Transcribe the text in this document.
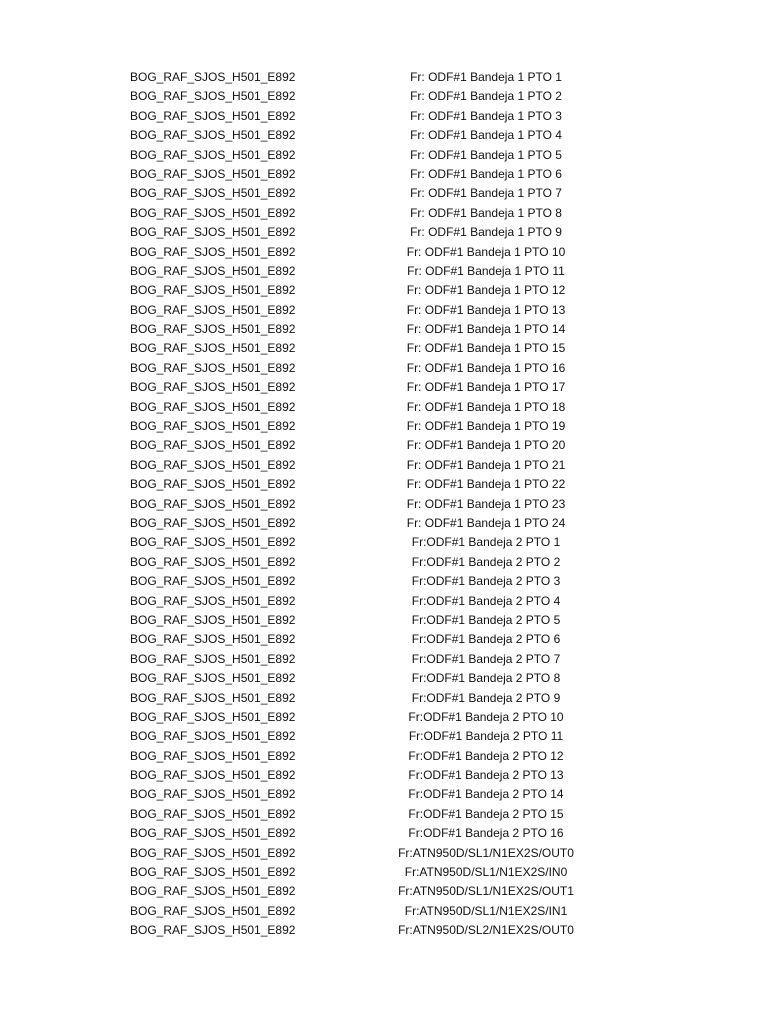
BOG_RAF_SJOS_H501_E892	Fr: ODF#1 Bandeja 1 PTO 1
BOG_RAF_SJOS_H501_E892	Fr: ODF#1 Bandeja 1 PTO 2
BOG_RAF_SJOS_H501_E892	Fr: ODF#1 Bandeja 1 PTO 3
BOG_RAF_SJOS_H501_E892	Fr: ODF#1 Bandeja 1 PTO 4
BOG_RAF_SJOS_H501_E892	Fr: ODF#1 Bandeja 1 PTO 5
BOG_RAF_SJOS_H501_E892	Fr: ODF#1 Bandeja 1 PTO 6
BOG_RAF_SJOS_H501_E892	Fr: ODF#1 Bandeja 1 PTO 7
BOG_RAF_SJOS_H501_E892	Fr: ODF#1 Bandeja 1 PTO 8
BOG_RAF_SJOS_H501_E892	Fr: ODF#1 Bandeja 1 PTO 9
BOG_RAF_SJOS_H501_E892	Fr: ODF#1 Bandeja 1 PTO 10
BOG_RAF_SJOS_H501_E892	Fr: ODF#1 Bandeja 1 PTO 11
BOG_RAF_SJOS_H501_E892	Fr: ODF#1 Bandeja 1 PTO 12
BOG_RAF_SJOS_H501_E892	Fr: ODF#1 Bandeja 1 PTO 13
BOG_RAF_SJOS_H501_E892	Fr: ODF#1 Bandeja 1 PTO 14
BOG_RAF_SJOS_H501_E892	Fr: ODF#1 Bandeja 1 PTO 15
BOG_RAF_SJOS_H501_E892	Fr: ODF#1 Bandeja 1 PTO 16
BOG_RAF_SJOS_H501_E892	Fr: ODF#1 Bandeja 1 PTO 17
BOG_RAF_SJOS_H501_E892	Fr: ODF#1 Bandeja 1 PTO 18
BOG_RAF_SJOS_H501_E892	Fr: ODF#1 Bandeja 1 PTO 19
BOG_RAF_SJOS_H501_E892	Fr: ODF#1 Bandeja 1 PTO 20
BOG_RAF_SJOS_H501_E892	Fr: ODF#1 Bandeja 1 PTO 21
BOG_RAF_SJOS_H501_E892	Fr: ODF#1 Bandeja 1 PTO 22
BOG_RAF_SJOS_H501_E892	Fr: ODF#1 Bandeja 1 PTO 23
BOG_RAF_SJOS_H501_E892	Fr: ODF#1 Bandeja 1 PTO 24
BOG_RAF_SJOS_H501_E892	Fr:ODF#1 Bandeja 2 PTO 1
BOG_RAF_SJOS_H501_E892	Fr:ODF#1 Bandeja 2 PTO 2
BOG_RAF_SJOS_H501_E892	Fr:ODF#1 Bandeja 2 PTO 3
BOG_RAF_SJOS_H501_E892	Fr:ODF#1 Bandeja 2 PTO 4
BOG_RAF_SJOS_H501_E892	Fr:ODF#1 Bandeja 2 PTO 5
BOG_RAF_SJOS_H501_E892	Fr:ODF#1 Bandeja 2 PTO 6
BOG_RAF_SJOS_H501_E892	Fr:ODF#1 Bandeja 2 PTO 7
BOG_RAF_SJOS_H501_E892	Fr:ODF#1 Bandeja 2 PTO 8
BOG_RAF_SJOS_H501_E892	Fr:ODF#1 Bandeja 2 PTO 9
BOG_RAF_SJOS_H501_E892	Fr:ODF#1 Bandeja 2 PTO 10
BOG_RAF_SJOS_H501_E892	Fr:ODF#1 Bandeja 2 PTO 11
BOG_RAF_SJOS_H501_E892	Fr:ODF#1 Bandeja 2 PTO 12
BOG_RAF_SJOS_H501_E892	Fr:ODF#1 Bandeja 2 PTO 13
BOG_RAF_SJOS_H501_E892	Fr:ODF#1 Bandeja 2 PTO 14
BOG_RAF_SJOS_H501_E892	Fr:ODF#1 Bandeja 2 PTO 15
BOG_RAF_SJOS_H501_E892	Fr:ODF#1 Bandeja 2 PTO 16
BOG_RAF_SJOS_H501_E892	Fr:ATN950D/SL1/N1EX2S/OUT0
BOG_RAF_SJOS_H501_E892	Fr:ATN950D/SL1/N1EX2S/IN0
BOG_RAF_SJOS_H501_E892	Fr:ATN950D/SL1/N1EX2S/OUT1
BOG_RAF_SJOS_H501_E892	Fr:ATN950D/SL1/N1EX2S/IN1
BOG_RAF_SJOS_H501_E892	Fr:ATN950D/SL2/N1EX2S/OUT0
